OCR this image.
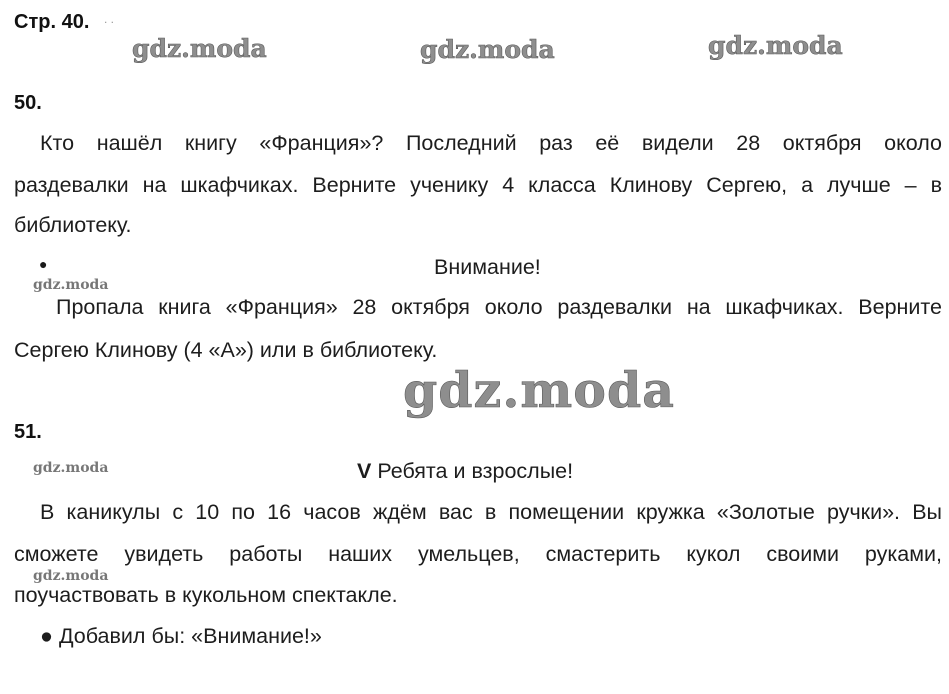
Стр. 40. . .
gdz.moda	gdz.moda	gdz.moda
50.
Кто нашёл книгу «Франция»? Последний раз её видели 28 октября около
раздевалки на шкафчиках. Верните ученику 4 класса Клинову Сергею, а лучше – в
библиотеку.
●	Внимание!
gdz.moda
Пропала книга «Франция» 28 октября около раздевалки на шкафчиках. Верните
Сергею Клинову (4 «А») или в библиотеку.
gdz.moda
51.
gdz.moda	V Ребята и взрослые!
В каникулы с 10 по 16 часов ждём вас в помещении кружка «Золотые ручки». Вы
сможете увидеть работы наших умельцев, смастерить кукол своими руками,
gdz.moda
поучаствовать в кукольном спектакле.
● Добавил бы: «Внимание!»
